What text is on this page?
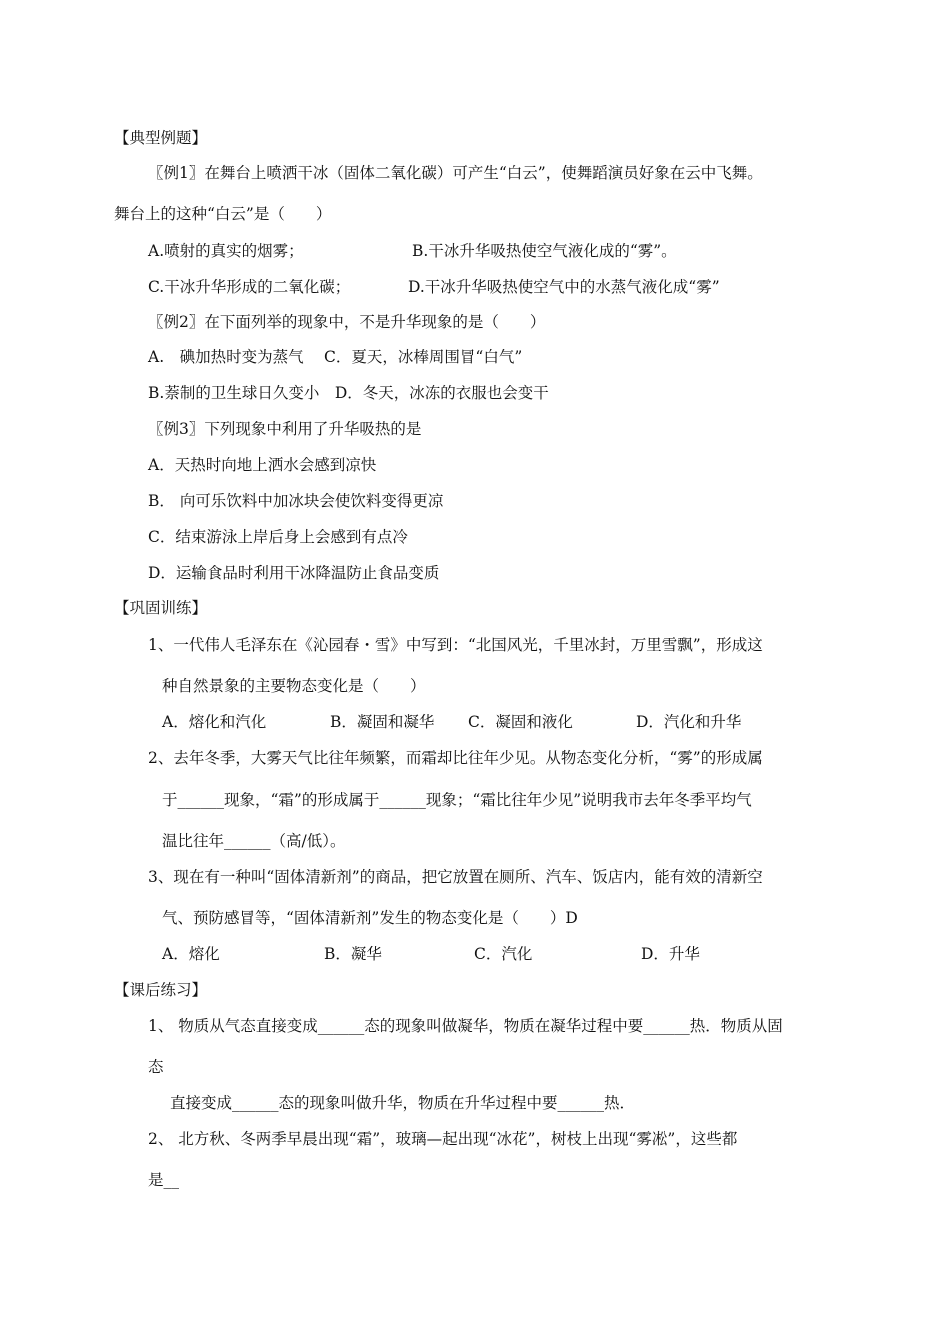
【典型例题】
〖例1〗在舞台上喷洒干冰（固体二氧化碳）可产生“白云”，使舞蹈演员好象在云中飞舞。
舞台上的这种“白云”是（　　）
A.喷射的真实的烟雾；	B.干冰升华吸热使空气液化成的“雾”。
C.干冰升华形成的二氧化碳；	D.干冰升华吸热使空气中的水蒸气液化成“雾”
〖例2〗在下面列举的现象中，不是升华现象的是（　　）
A.　碘加热时变为蒸气　 C．夏天，冰棒周围冒“白气”
B.萘制的卫生球日久变小　D．冬天，冰冻的衣服也会变干
〖例3〗下列现象中利用了升华吸热的是
A．天热时向地上洒水会感到凉快
B． 向可乐饮料中加冰块会使饮料变得更凉
C．结束游泳上岸后身上会感到有点冷
D．运输食品时利用干冰降温防止食品变质
【巩固训练】
1、一代伟人毛泽东在《沁园春・雪》中写到：“北国风光，千里冰封，万里雪飘”，形成这
种自然景象的主要物态变化是（　　）
A．熔化和汽化	B．凝固和凝华 C．凝固和液化	D．汽化和升华
2、去年冬季，大雾天气比往年频繁，而霜却比往年少见。从物态变化分析，“雾”的形成属
于______现象，“霜”的形成属于______现象；“霜比往年少见”说明我市去年冬季平均气
温比往年______（高/低）。
3、现在有一种叫“固体清新剂”的商品，把它放置在厕所、汽车、饭店内，能有效的清新空
气、预防感冒等，“固体清新剂”发生的物态变化是（　　）D
A．熔化	B．凝华	C．汽化	D．升华
【课后练习】
1、 物质从气态直接变成______态的现象叫做凝华，物质在凝华过程中要______热．物质从固
态
直接变成______态的现象叫做升华，物质在升华过程中要______热．
2、 北方秋、冬两季早晨出现“霜”，玻璃—起出现“冰花”，树枝上出现“雾凇”，这些都
是__
